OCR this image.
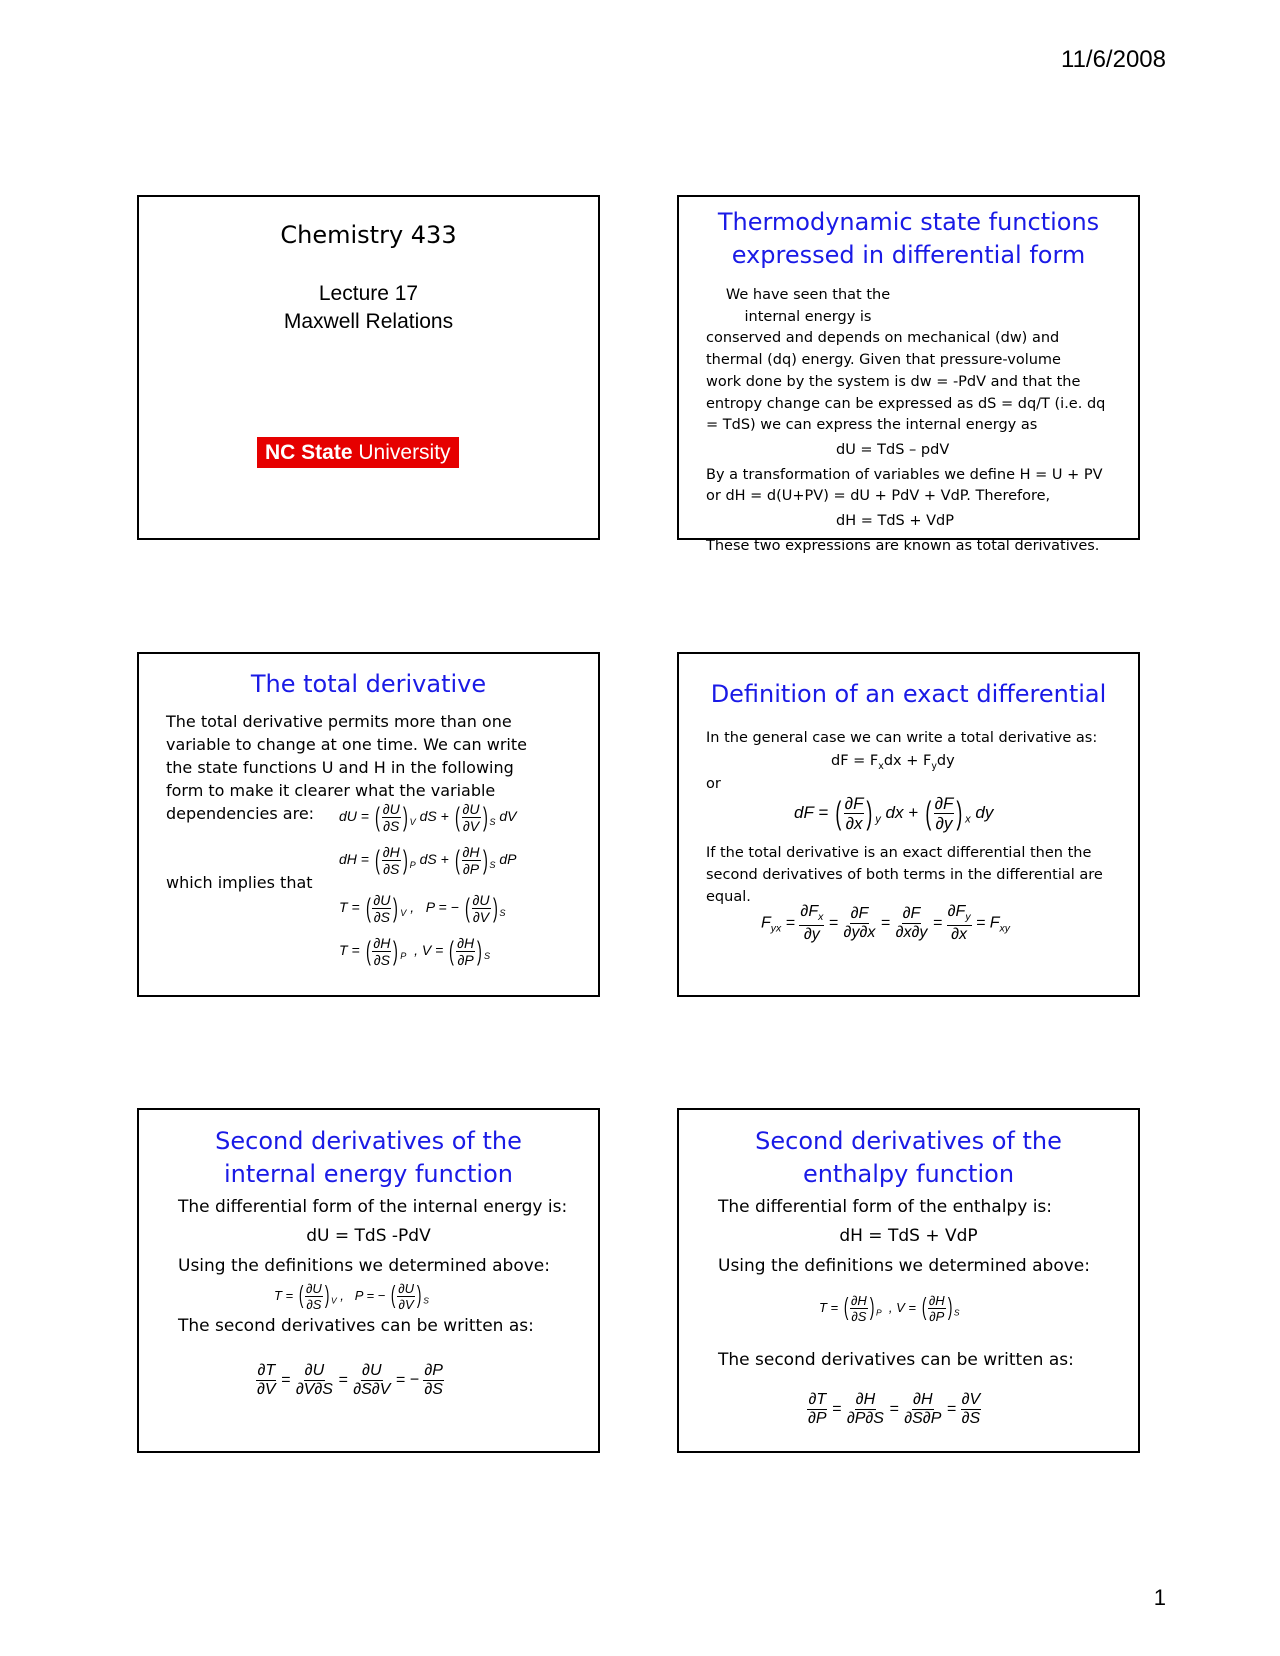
11/6/2008
Chemistry 433
Lecture 17
Maxwell Relations
NC State University
Thermodynamic state functions
expressed in differential form
We have seen that the internal energy is
conserved and depends on mechanical (dw) and
thermal (dq) energy. Given that pressure-volume
work done by the system is dw = -PdV and that the
entropy change can be expressed as dS = dq/T (i.e. dq
= TdS) we can express the internal energy as
dU = TdS – pdV
By a transformation of variables we define H = U + PV
or dH = d(U+PV) = dU + PdV + VdP. Therefore,
dH = TdS + VdP
These two expressions are known as total derivatives.
The total derivative
The total derivative permits more than one
variable to change at one time. We can write
the state functions U and H in the following
form to make it clearer what the variable
dependencies are:
which implies that
dU = ( $\frac{\partial U}{\partial S}$ ) $_V$ dS + ( $\frac{\partial U}{\partial V}$ ) $_S$ dV
dH = ( $\frac{\partial H}{\partial S}$ ) $_P$ dS + ( $\frac{\partial H}{\partial P}$ ) $_S$ dP
T = ( $\frac{\partial U}{\partial S}$ ) $_V$ ,   P = − ( $\frac{\partial U}{\partial V}$ ) $_S$
T = ( $\frac{\partial H}{\partial S}$ ) $_P$  , V = ( $\frac{\partial H}{\partial P}$ ) $_S$
Definition of an exact differential
In the general case we can write a total derivative as:
dF = $F_xdx + F_ydy$
or
dF = ( $\frac{\partial F}{\partial x}$ ) $_y$ dx + ( $\frac{\partial F}{\partial y}$ ) $_x$ dy
If the total derivative is an exact differential then the
second derivatives of both terms in the differential are
equal.
$F_{yx} = \frac{\partial F_x}{\partial y} = \frac{\partial F}{\partial y\partial x} = \frac{\partial F}{\partial x\partial y} = \frac{\partial F_y}{\partial x} = F_{xy}$
Second derivatives of the
internal energy function
The differential form of the internal energy is:
dU = TdS -PdV
Using the definitions we determined above:
T = ( $\frac{\partial U}{\partial S}$ ) $_V$ ,   P = − ( $\frac{\partial U}{\partial V}$ ) $_S$
The second derivatives can be written as:
$\frac{\partial T}{\partial V} = \frac{\partial U}{\partial V\partial S} = \frac{\partial U}{\partial S\partial V}$ = − $\frac{\partial P}{\partial S}$
Second derivatives of the
enthalpy function
The differential form of the enthalpy is:
dH = TdS + VdP
Using the definitions we determined above:
T = ( $\frac{\partial H}{\partial S}$ ) $_P$  , V = ( $\frac{\partial H}{\partial P}$ ) $_S$
The second derivatives can be written as:
$\frac{\partial T}{\partial P} = \frac{\partial H}{\partial P\partial S} = \frac{\partial H}{\partial S\partial P} = \frac{\partial V}{\partial S}$
1
